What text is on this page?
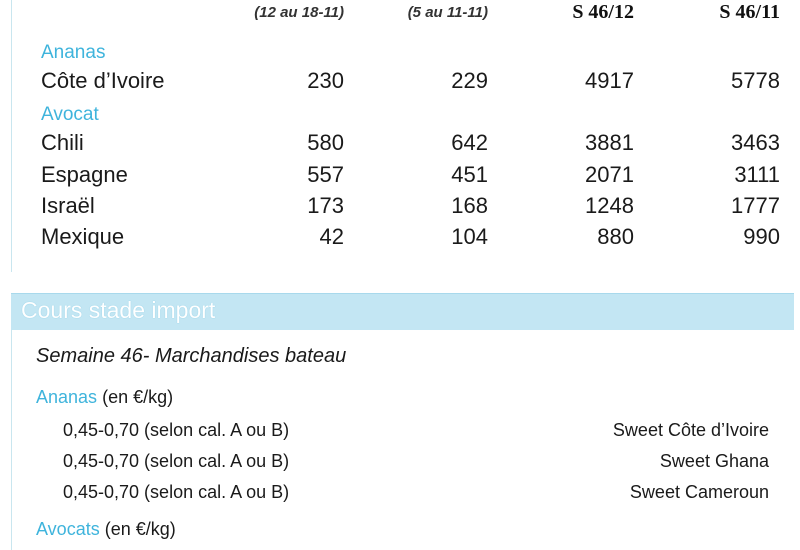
(12 au 18-11)	(5 au 11-11)	S 46/12	S 46/11
Ananas
Côte d’Ivoire	230	229	4917	5778
Avocat
Chili	580	642	3881	3463
Espagne	557	451	2071	3111
Israël	173	168	1248	1777
Mexique	42	104	880	990
Cours stade import
Semaine 46- Marchandises bateau
Ananas (en €/kg)
0,45-0,70 (selon cal. A ou B)	Sweet Côte d’Ivoire
0,45-0,70 (selon cal. A ou B)	Sweet Ghana
0,45-0,70 (selon cal. A ou B)	Sweet Cameroun
Avocats (en €/kg)
